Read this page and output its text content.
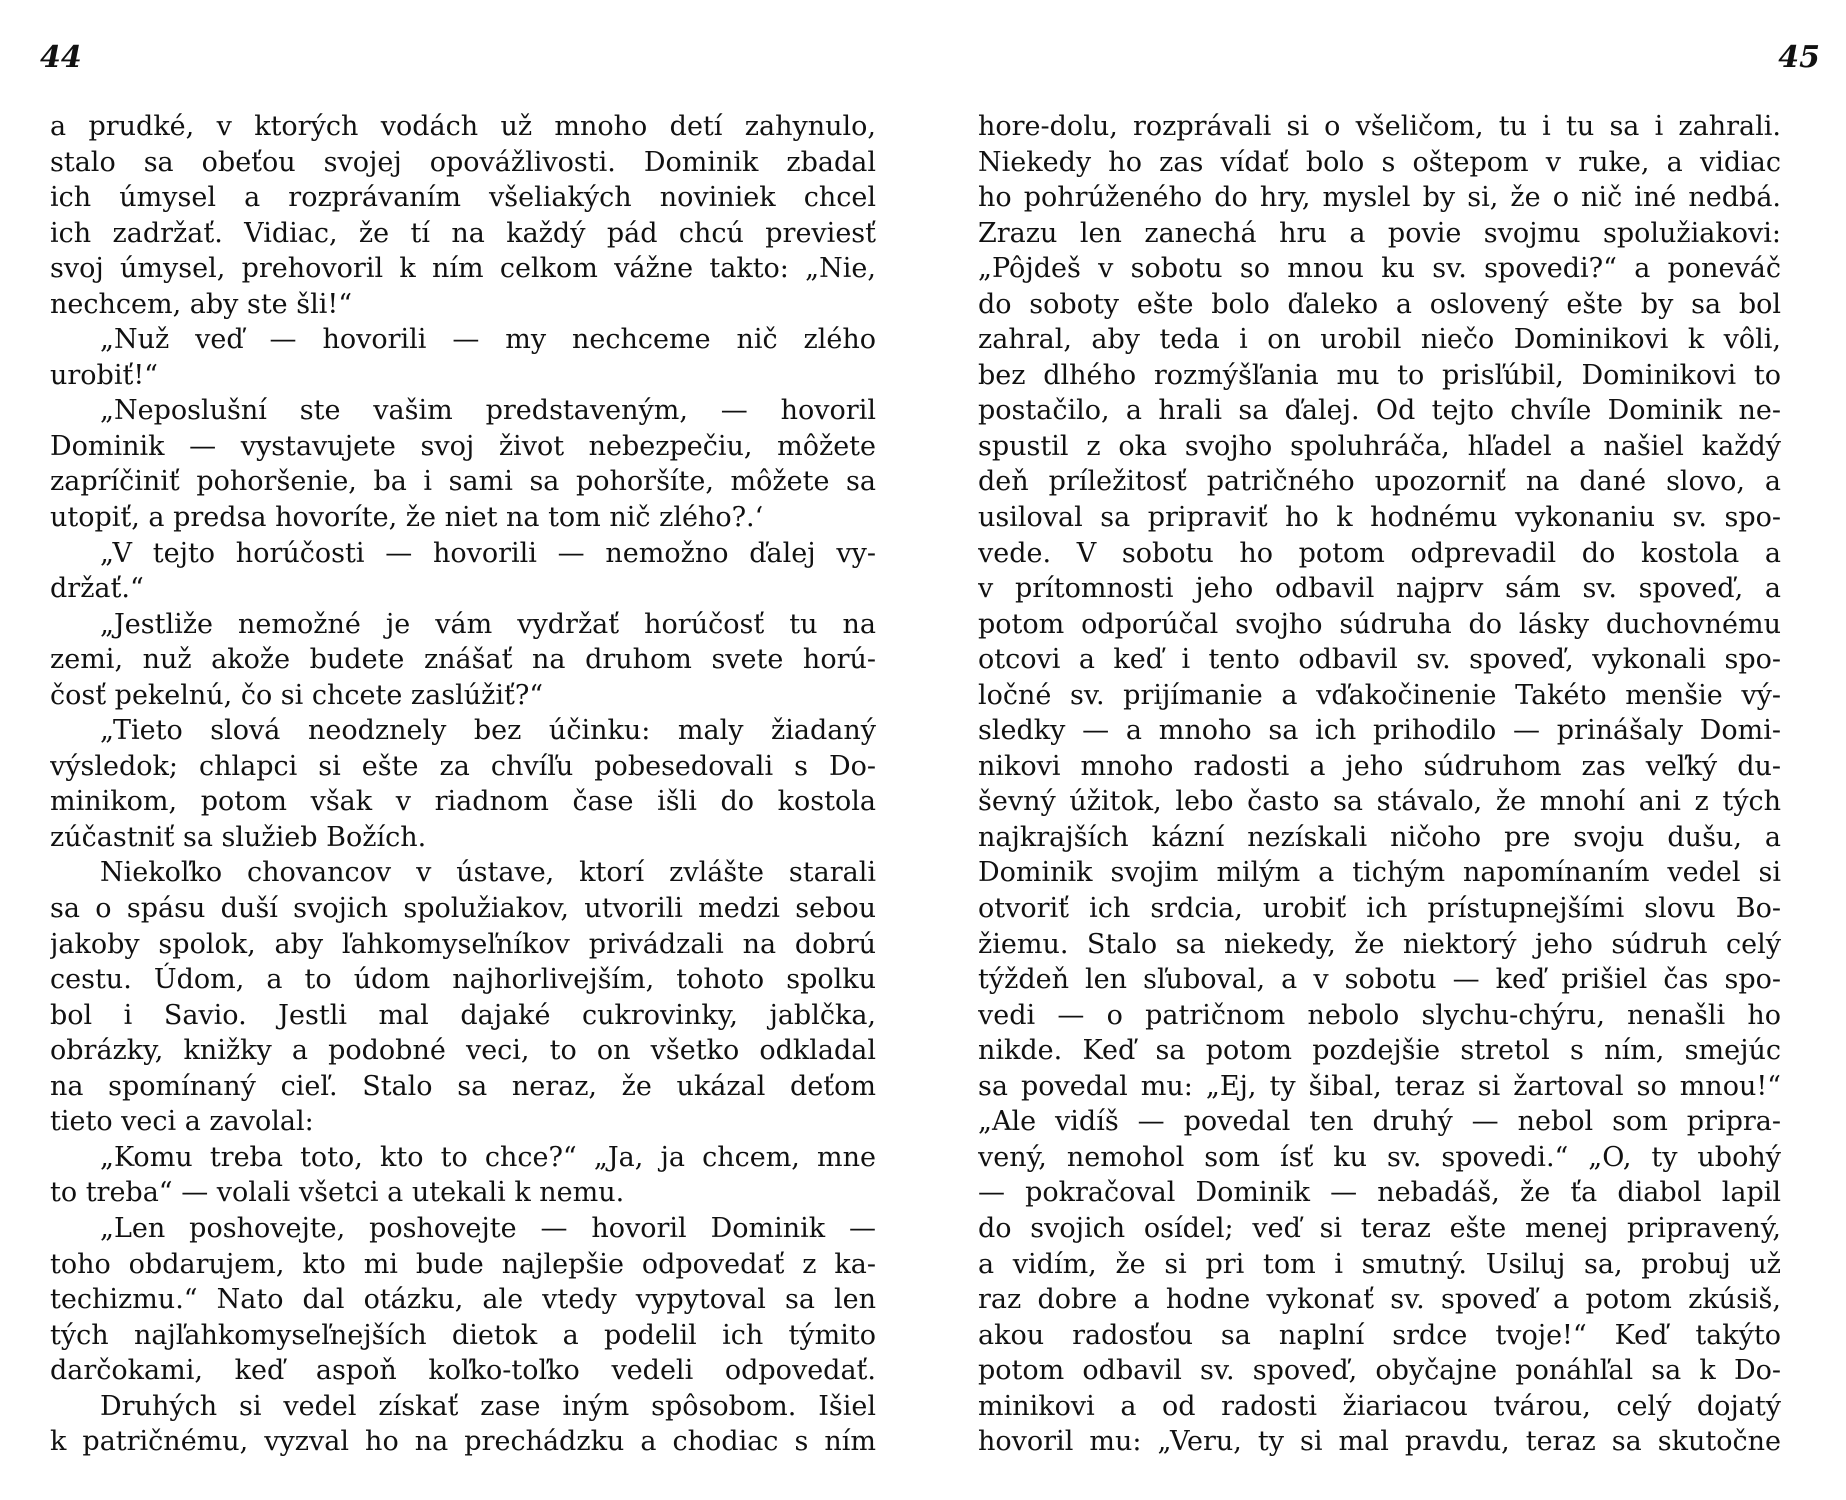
44
a prudké, v ktorých vodách už mnoho detí zahynulo,
stalo sa obeťou svojej opovážlivosti. Dominik zbadal
ich úmysel a rozprávaním všeliakých noviniek chcel
ich zadržať. Vidiac, že tí na každý pád chcú previesť
svoj úmysel, prehovoril k ním celkom vážne takto: „Nie,
nechcem, aby ste šli!“
„Nuž veď — hovorili — my nechceme nič zlého
urobiť!“
„Neposlušní ste vašim predstaveným, — hovoril
Dominik — vystavujete svoj život nebezpečiu, môžete
zapríčiniť pohoršenie, ba i sami sa pohoršíte, môžete sa
utopiť, a predsa hovoríte, že niet na tom nič zlého?.‘
„V tejto horúčosti — hovorili — nemožno ďalej vy-
držať.“
„Jestliže nemožné je vám vydržať horúčosť tu na
zemi, nuž akože budete znášať na druhom svete horú-
čosť pekelnú, čo si chcete zaslúžiť?“
„Tieto slová neodznely bez účinku: maly žiadaný
výsledok; chlapci si ešte za chvíľu pobesedovali s Do-
minikom, potom však v riadnom čase išli do kostola
zúčastniť sa služieb Božích.
Niekoľko chovancov v ústave, ktorí zvlášte starali
sa o spásu duší svojich spolužiakov, utvorili medzi sebou
jakoby spolok, aby ľahkomyseľníkov privádzali na dobrú
cestu. Údom, a to údom najhorlivejším, tohoto spolku
bol i Savio. Jestli mal dajaké cukrovinky, jablčka,
obrázky, knižky a podobné veci, to on všetko odkladal
na spomínaný cieľ. Stalo sa neraz, že ukázal deťom
tieto veci a zavolal:
„Komu treba toto, kto to chce?“ „Ja, ja chcem, mne
to treba“ — volali všetci a utekali k nemu.
„Len poshovejte, poshovejte — hovoril Dominik —
toho obdarujem, kto mi bude najlepšie odpovedať z ka-
techizmu.“ Nato dal otázku, ale vtedy vypytoval sa len
tých najľahkomyseľnejších dietok a podelil ich týmito
darčokami, keď aspoň koľko-toľko vedeli odpovedať.
Druhých si vedel získať zase iným spôsobom. Išiel
k patričnému, vyzval ho na prechádzku a chodiac s ním
45
hore-dolu, rozprávali si o všeličom, tu i tu sa i zahrali.
Niekedy ho zas vídať bolo s oštepom v ruke, a vidiac
ho pohrúženého do hry, myslel by si, že o nič iné nedbá.
Zrazu len zanechá hru a povie svojmu spolužiakovi:
„Pôjdeš v sobotu so mnou ku sv. spovedi?“ a poneváč
do soboty ešte bolo ďaleko a oslovený ešte by sa bol
zahral, aby teda i on urobil niečo Dominikovi k vôli,
bez dlhého rozmýšľania mu to prisľúbil, Dominikovi to
postačilo, a hrali sa ďalej. Od tejto chvíle Dominik ne-
spustil z oka svojho spoluhráča, hľadel a našiel každý
deň príležitosť patričného upozorniť na dané slovo, a
usiloval sa pripraviť ho k hodnému vykonaniu sv. spo-
vede. V sobotu ho potom odprevadil do kostola a
v prítomnosti jeho odbavil najprv sám sv. spoveď, a
potom odporúčal svojho súdruha do lásky duchovnému
otcovi a keď i tento odbavil sv. spoveď, vykonali spo-
ločné sv. prijímanie a vďakočinenie Takéto menšie vý-
sledky — a mnoho sa ich prihodilo — prinášaly Domi-
nikovi mnoho radosti a jeho súdruhom zas veľký du-
ševný úžitok, lebo často sa stávalo, že mnohí ani z tých
najkrajších kázní nezískali ničoho pre svoju dušu, a
Dominik svojim milým a tichým napomínaním vedel si
otvoriť ich srdcia, urobiť ich prístupnejšími slovu Bo-
žiemu. Stalo sa niekedy, že niektorý jeho súdruh celý
týždeň len sľuboval, a v sobotu — keď prišiel čas spo-
vedi — o patričnom nebolo slychu-chýru, nenašli ho
nikde. Keď sa potom pozdejšie stretol s ním, smejúc
sa povedal mu: „Ej, ty šibal, teraz si žartoval so mnou!“
„Ale vidíš — povedal ten druhý — nebol som pripra-
vený, nemohol som ísť ku sv. spovedi.“ „O, ty ubohý
— pokračoval Dominik — nebadáš, že ťa diabol lapil
do svojich osídel; veď si teraz ešte menej pripravený,
a vidím, že si pri tom i smutný. Usiluj sa, probuj už
raz dobre a hodne vykonať sv. spoveď a potom zkúsiš,
akou radosťou sa naplní srdce tvoje!“ Keď takýto
potom odbavil sv. spoveď, obyčajne ponáhľal sa k Do-
minikovi a od radosti žiariacou tvárou, celý dojatý
hovoril mu: „Veru, ty si mal pravdu, teraz sa skutočne
